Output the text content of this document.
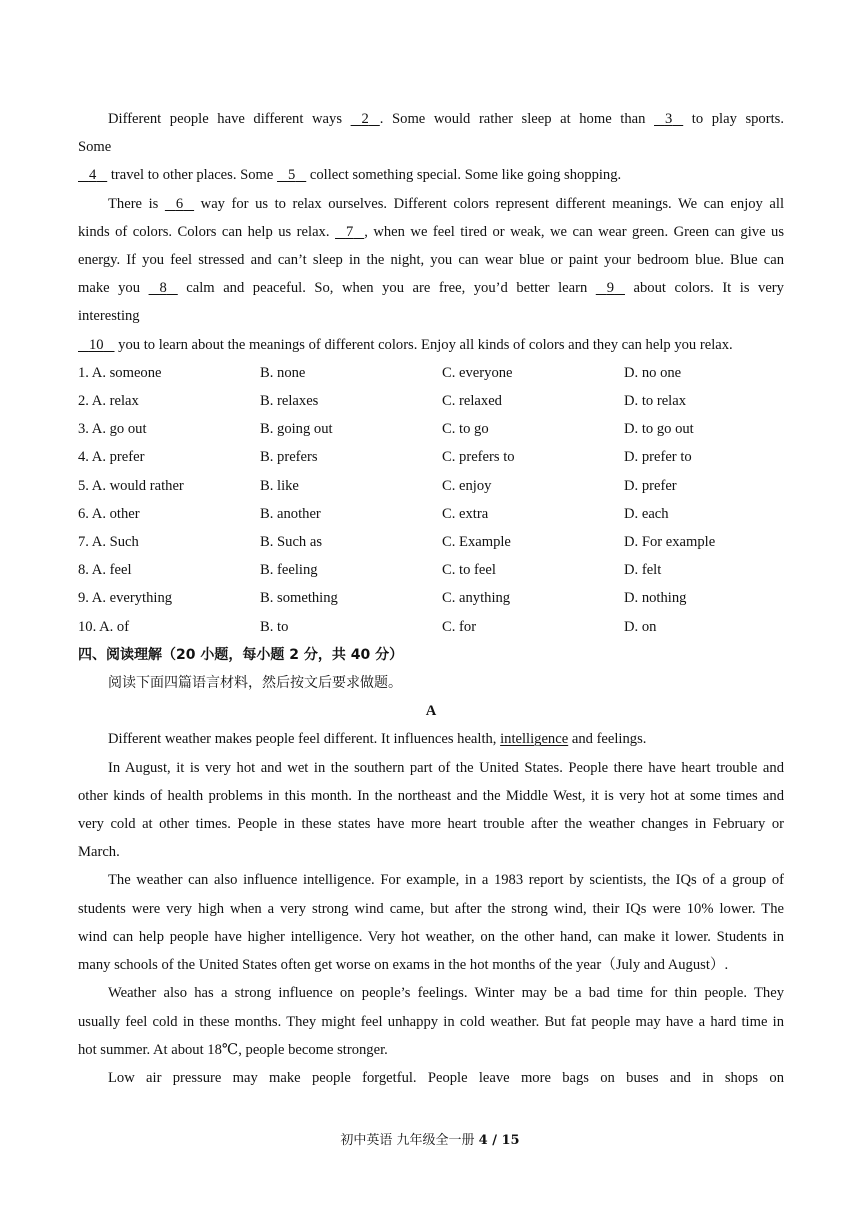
Different people have different ways 2 . Some would rather sleep at home than 3 to play sports.
Some
4 travel to other places. Some 5 collect something special. Some like going shopping.
There is 6 way for us to relax ourselves. Different colors represent different meanings. We can enjoy all
kinds of colors. Colors can help us relax. 7 , when we feel tired or weak, we can wear green. Green can give us
energy. If you feel stressed and can’t sleep in the night, you can wear blue or paint your bedroom blue. Blue can
make you 8 calm and peaceful. So, when you are free, you’d better learn 9 about colors. It is very
interesting
10 you to learn about the meanings of different colors. Enjoy all kinds of colors and they can help you relax.
1. A. someone	B. none	C. everyone	D. no one
2. A. relax	B. relaxes	C. relaxed	D. to relax
3. A. go out	B. going out	C. to go	D. to go out
4. A. prefer	B. prefers	C. prefers to	D. prefer to
5. A. would rather	B. like	C. enjoy	D. prefer
6. A. other	B. another	C. extra	D. each
7. A. Such	B. Such as	C. Example	D. For example
8. A. feel	B. feeling	C. to feel	D. felt
9. A. everything	B. something	C. anything	D. nothing
10. A. of	B. to	C. for	D. on
四、阅读理解（20 小题，每小题 2 分，共 40 分）
阅读下面四篇语言材料，然后按文后要求做题。
A
Different weather makes people feel different. It influences health, intelligence and feelings.
In August, it is very hot and wet in the southern part of the United States. People there have heart trouble and
other kinds of health problems in this month. In the northeast and the Middle West, it is very hot at some times and
very cold at other times. People in these states have more heart trouble after the weather changes in February or
March.
The weather can also influence intelligence. For example, in a 1983 report by scientists, the IQs of a group of
students were very high when a very strong wind came, but after the strong wind, their IQs were 10% lower. The
wind can help people have higher intelligence. Very hot weather, on the other hand, can make it lower. Students in
many schools of the United States often get worse on exams in the hot months of the year（July and August）.
Weather also has a strong influence on people’s feelings. Winter may be a bad time for thin people. They
usually feel cold in these months. They might feel unhappy in cold weather. But fat people may have a hard time in
hot summer. At about 18℃, people become stronger.
Low air pressure may make people forgetful. People leave more bags on buses and in shops on
初中英语 九年级全一册 4 / 15
